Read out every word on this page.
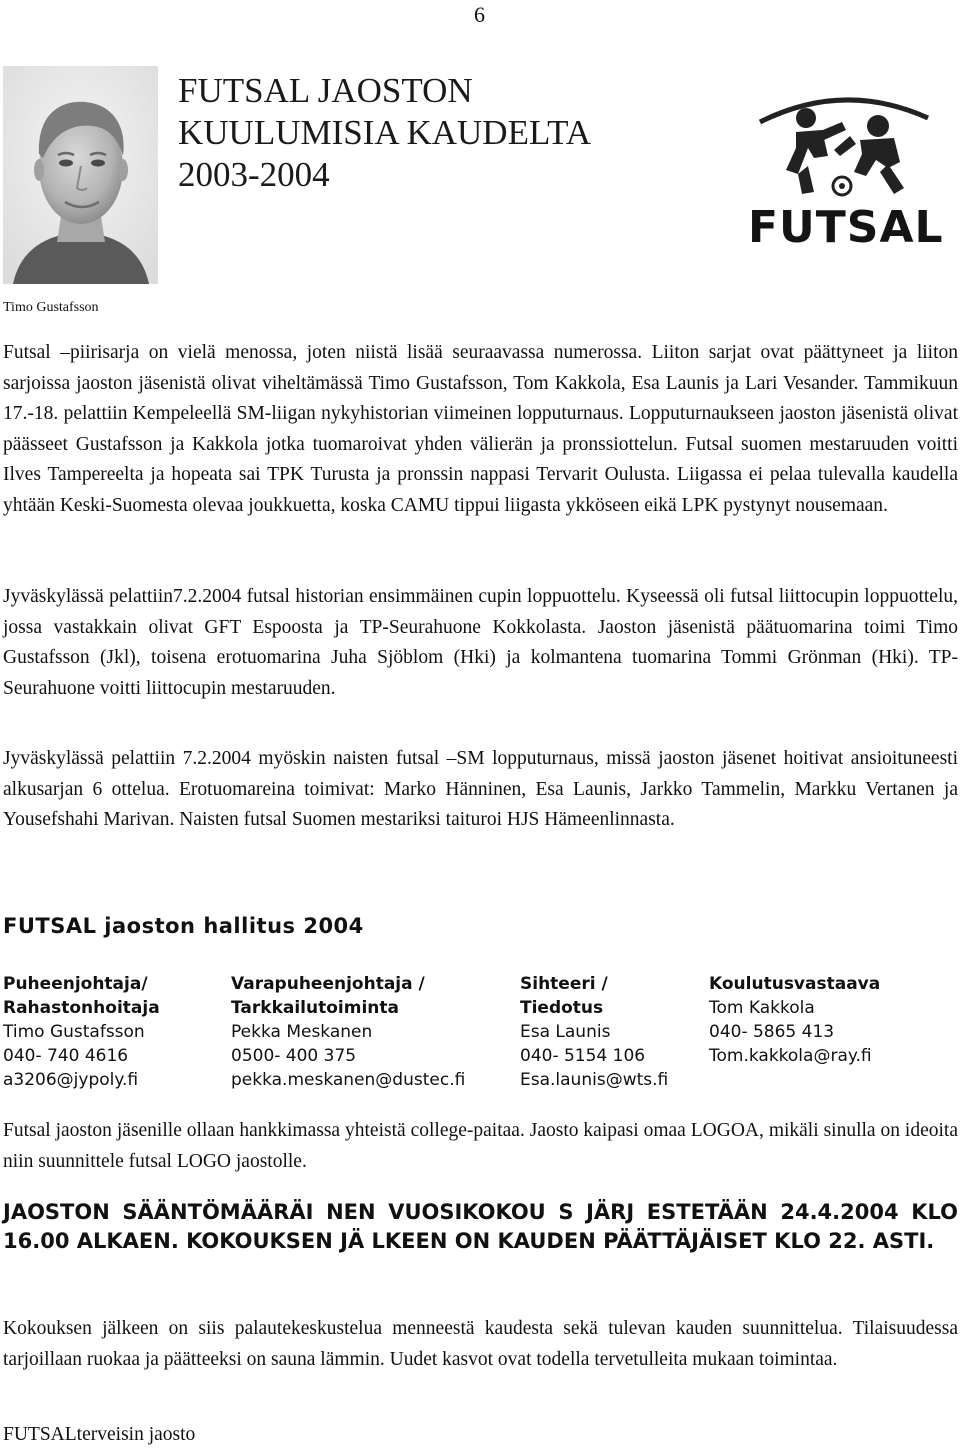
6
Timo Gustafsson
FUTSAL JAOSTON
KUULUMISIA KAUDELTA
2003-2004
FUTSAL

Futsal –piirisarja on vielä menossa, joten niistä lisää seuraavassa numerossa. Liiton sarjat ovat päättyneet ja liiton sarjoissa jaoston jäsenistä olivat viheltämässä Timo Gustafsson, Tom Kakkola, Esa Launis ja Lari Vesander. Tammikuun 17.-18. pelattiin Kempeleellä SM-liigan nykyhistorian viimeinen lopputurnaus. Lopputurnaukseen jaoston jäsenistä olivat päässeet Gustafsson ja Kakkola jotka tuomaroivat yhden välierän ja pronssiottelun. Futsal suomen mestaruuden voitti Ilves Tampereelta ja hopeata sai TPK Turusta ja pronssin nappasi Tervarit Oulusta. Liigassa ei pelaa tulevalla kaudella yhtään Keski-Suomesta olevaa joukkuetta, koska CAMU tippui liigasta ykköseen eikä LPK pystynyt nousemaan.

Jyväskylässä pelattiin7.2.2004 futsal historian ensimmäinen cupin loppuottelu. Kyseessä oli futsal liittocupin loppuottelu, jossa vastakkain olivat GFT Espoosta ja TP-Seurahuone Kokkolasta. Jaoston jäsenistä päätuomarina toimi Timo Gustafsson (Jkl), toisena erotuomarina Juha Sjöblom (Hki) ja kolmantena tuomarina Tommi Grönman (Hki). TP-Seurahuone voitti liittocupin mestaruuden.

Jyväskylässä pelattiin 7.2.2004 myöskin naisten futsal –SM lopputurnaus, missä jaoston jäsenet hoitivat ansioituneesti alkusarjan 6 ottelua. Erotuomareina toimivat: Marko Hänninen, Esa Launis, Jarkko Tammelin, Markku Vertanen ja Yousefshahi Marivan. Naisten futsal Suomen mestariksi taituroi HJS Hämeenlinnasta.

FUTSAL jaoston hallitus 2004
Puheenjohtaja/	Varapuheenjohtaja /	Sihteeri /	Koulutusvastaava
Rahastonhoitaja	Tarkkailutoiminta	Tiedotus	Tom Kakkola
Timo Gustafsson	Pekka Meskanen	Esa Launis	040- 5865 413
040- 740 4616	0500- 400 375	040- 5154 106	Tom.kakkola@ray.fi
a3206@jypoly.fi	pekka.meskanen@dustec.fi	Esa.launis@wts.fi	

Futsal jaoston jäsenille ollaan hankkimassa yhteistä college-paitaa. Jaosto kaipasi omaa LOGOA, mikäli sinulla on ideoita niin suunnittele futsal LOGO jaostolle.

JAOSTON SÄÄNTÖMÄÄRÄI NEN VUOSIKOKOU S JÄRJ ESTETÄÄN 24.4.2004 KLO 16.00 ALKAEN. KOKOUKSEN JÄ LKEEN ON KAUDEN PÄÄTTÄJÄISET KLO 22. ASTI.

Kokouksen jälkeen on siis palautekeskustelua menneestä kaudesta sekä tulevan kauden suunnittelua. Tilaisuudessa tarjoillaan ruokaa ja päätteeksi on sauna lämmin. Uudet kasvot ovat todella tervetulleita mukaan toimintaa.

FUTSALterveisin jaosto
